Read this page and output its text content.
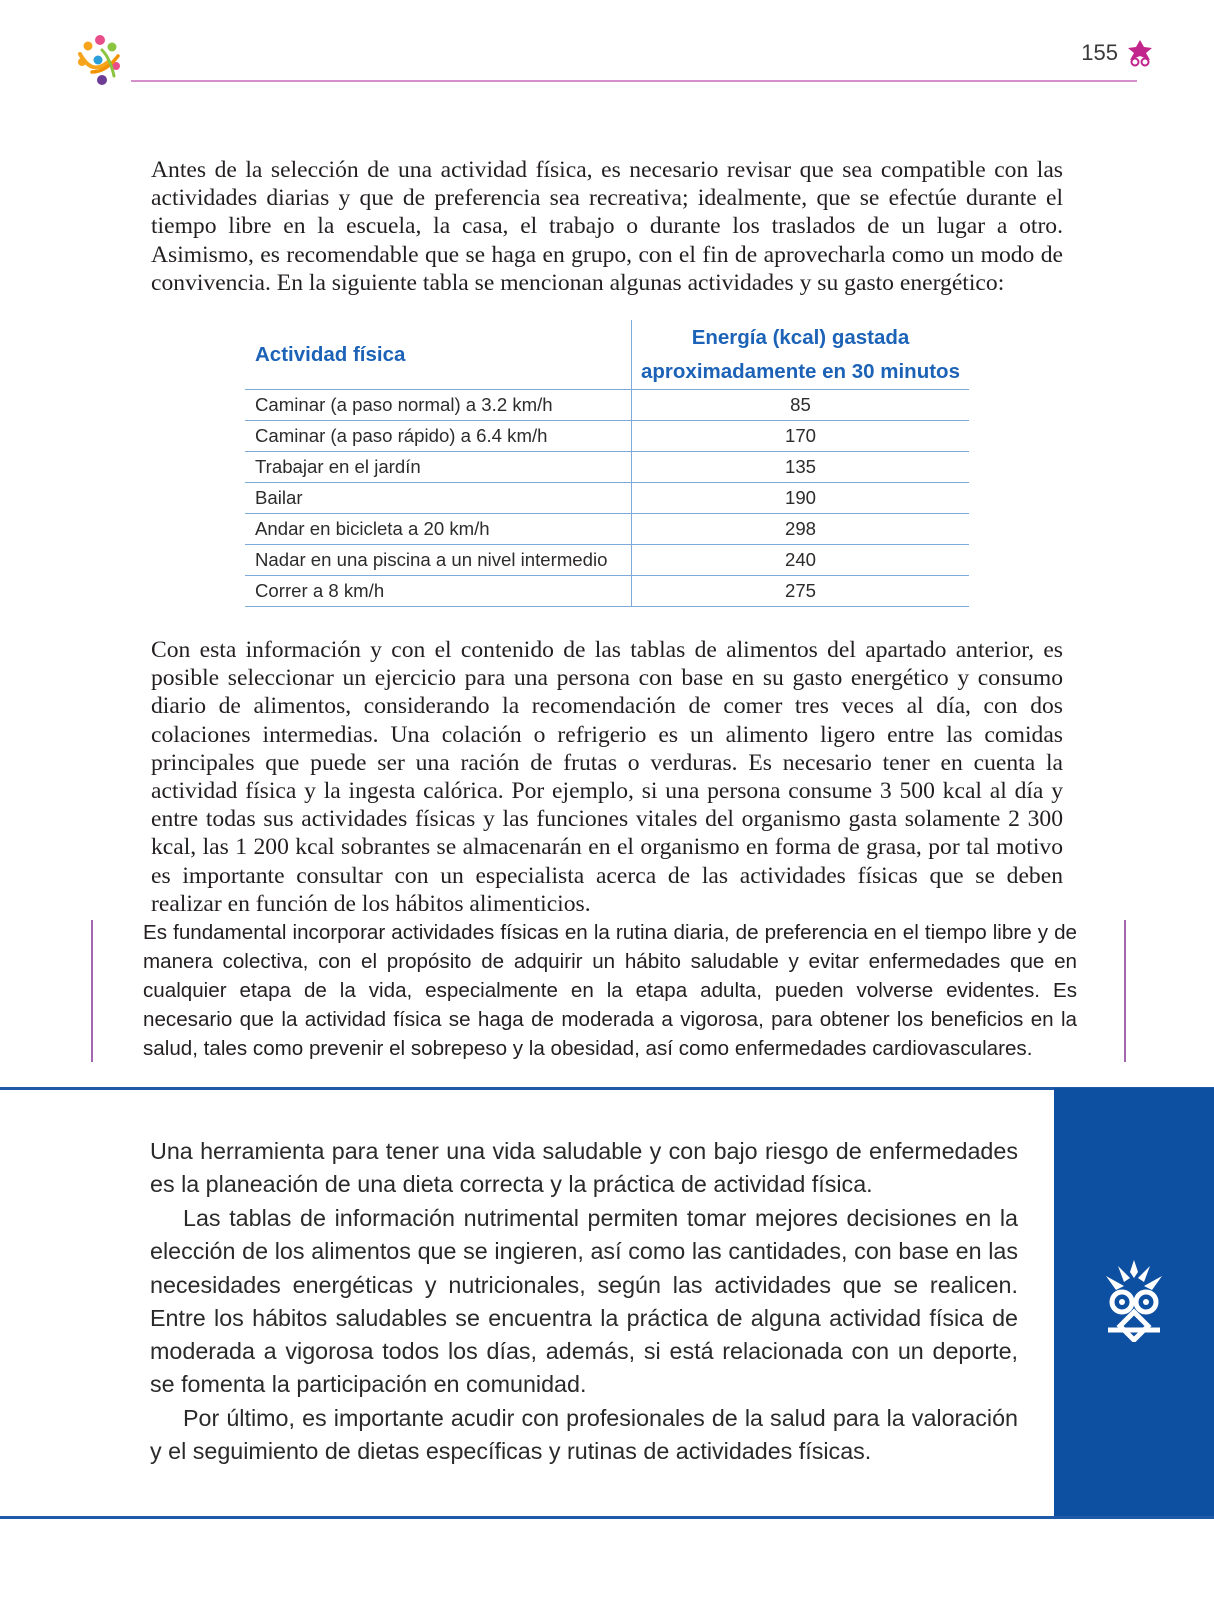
155

Antes de la selección de una actividad física, es necesario revisar que sea compatible con las actividades diarias y que de preferencia sea recreativa; idealmente, que se efectúe durante el tiempo libre en la escuela, la casa, el trabajo o durante los traslados de un lugar a otro. Asimismo, es recomendable que se haga en grupo, con el fin de aprovecharla como un modo de convivencia. En la siguiente tabla se mencionan algunas actividades y su gasto energético:

Actividad física	Energía (kcal) gastada
aproximadamente en 30 minutos

Caminar (a paso normal) a 3.2 km/h	85
Caminar (a paso rápido) a 6.4 km/h	170
Trabajar en el jardín	135
Bailar	190
Andar en bicicleta a 20 km/h	298
Nadar en una piscina a un nivel intermedio	240
Correr a 8 km/h	275

Con esta información y con el contenido de las tablas de alimentos del apartado anterior, es posible seleccionar un ejercicio para una persona con base en su gasto energético y consumo diario de alimentos, considerando la recomendación de comer tres veces al día, con dos colaciones intermedias. Una colación o refrigerio es un alimento ligero entre las comidas principales que puede ser una ración de frutas o verduras. Es necesario tener en cuenta la actividad física y la ingesta calórica. Por ejemplo, si una persona consume 3 500 kcal al día y entre todas sus actividades físicas y las funciones vitales del organismo gasta solamente 2 300 kcal, las 1 200 kcal sobrantes se almacenarán en el organismo en forma de grasa, por tal motivo es importante consultar con un especialista acerca de las actividades físicas que se deben realizar en función de los hábitos alimenticios.

Es fundamental incorporar actividades físicas en la rutina diaria, de preferencia en el tiempo libre y de manera colectiva, con el propósito de adquirir un hábito saludable y evitar enfermedades que en cualquier etapa de la vida, especialmente en la etapa adulta, pueden volverse evidentes. Es necesario que la actividad física se haga de moderada a vigorosa, para obtener los beneficios en la salud, tales como prevenir el sobrepeso y la obesidad, así como enfermedades cardiovasculares.

Una herramienta para tener una vida saludable y con bajo riesgo de enfermedades es la planeación de una dieta correcta y la práctica de actividad física.

Las tablas de información nutrimental permiten tomar mejores decisiones en la elección de los alimentos que se ingieren, así como las cantidades, con base en las necesidades energéticas y nutricionales, según las actividades que se realicen. Entre los hábitos saludables se encuentra la práctica de alguna actividad física de moderada a vigorosa todos los días, además, si está relacionada con un deporte, se fomenta la participación en comunidad.

Por último, es importante acudir con profesionales de la salud para la valoración y el seguimiento de dietas específicas y rutinas de actividades físicas.
